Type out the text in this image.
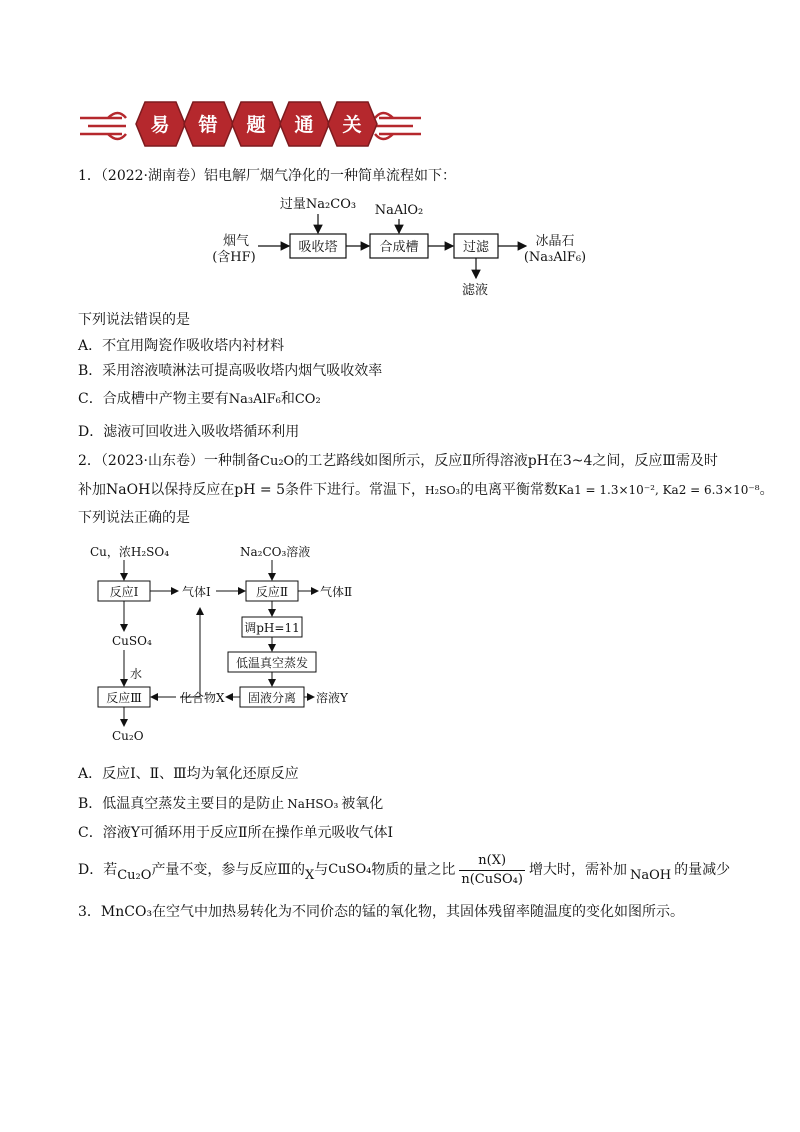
易 错 题 通 关
1．（2022·湖南卷）铝电解厂烟气净化的一种简单流程如下：
烟气
(含HF)
过量Na₂CO₃ NaAlO₂
冰晶石
(Na₃AlF₆)
滤液
吸收塔	合成槽	过滤
下列说法错误的是
A．不宜用陶瓷作吸收塔内衬材料
B．采用溶液喷淋法可提高吸收塔内烟气吸收效率
C．合成槽中产物主要有Na₃AlF₆和CO₂
D．滤液可回收进入吸收塔循环利用
2．（2023·山东卷）一种制备Cu₂O的工艺路线如图所示，反应Ⅱ所得溶液pH在3~4之间，反应Ⅲ需及时
补加NaOH以保持反应在pH = 5条件下进行。常温下，H₂SO₃的电离平衡常数Ka1 = 1.3×10⁻², Ka2 = 6.3×10⁻⁸。
下列说法正确的是
Cu，浓H₂SO₄
气体Ⅰ
CuSO₄
水
化合物X
Cu₂O
Na₂CO₃溶液
气体Ⅱ
溶液Y
反应Ⅰ
反应Ⅲ
反应Ⅱ
调pH=11
低温真空蒸发
固液分离
A．反应Ⅰ、Ⅱ、Ⅲ均为氧化还原反应
B．低温真空蒸发主要目的是防止 NaHSO₃ 被氧化
C．溶液Y可循环用于反应Ⅱ所在操作单元吸收气体Ⅰ
D．若 Cu₂O 产量不变，参与反应Ⅲ的 X 与 CuSO₄ 物质的量之比 $\frac{n(X)}{\text{n(CuSO₄)}}$ 增大时，需补加 NaOH 的量减少
3．MnCO₃在空气中加热易转化为不同价态的锰的氧化物，其固体残留率随温度的变化如图所示。
